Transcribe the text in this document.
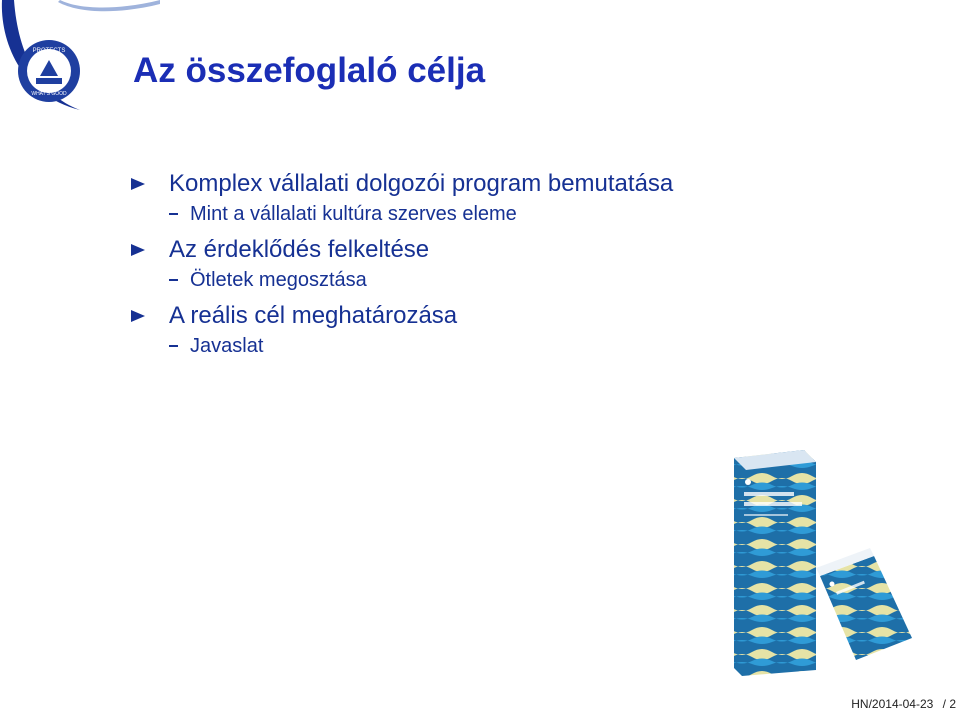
PROTECTS
WHAT'S GOOD
Az összefoglaló célja
Komplex vállalati dolgozói program bemutatása
Mint a vállalati kultúra szerves eleme
Az érdeklődés felkeltése
Ötletek megosztása
A reális cél meghatározása
Javaslat
HN/2014-04-23 / 2
